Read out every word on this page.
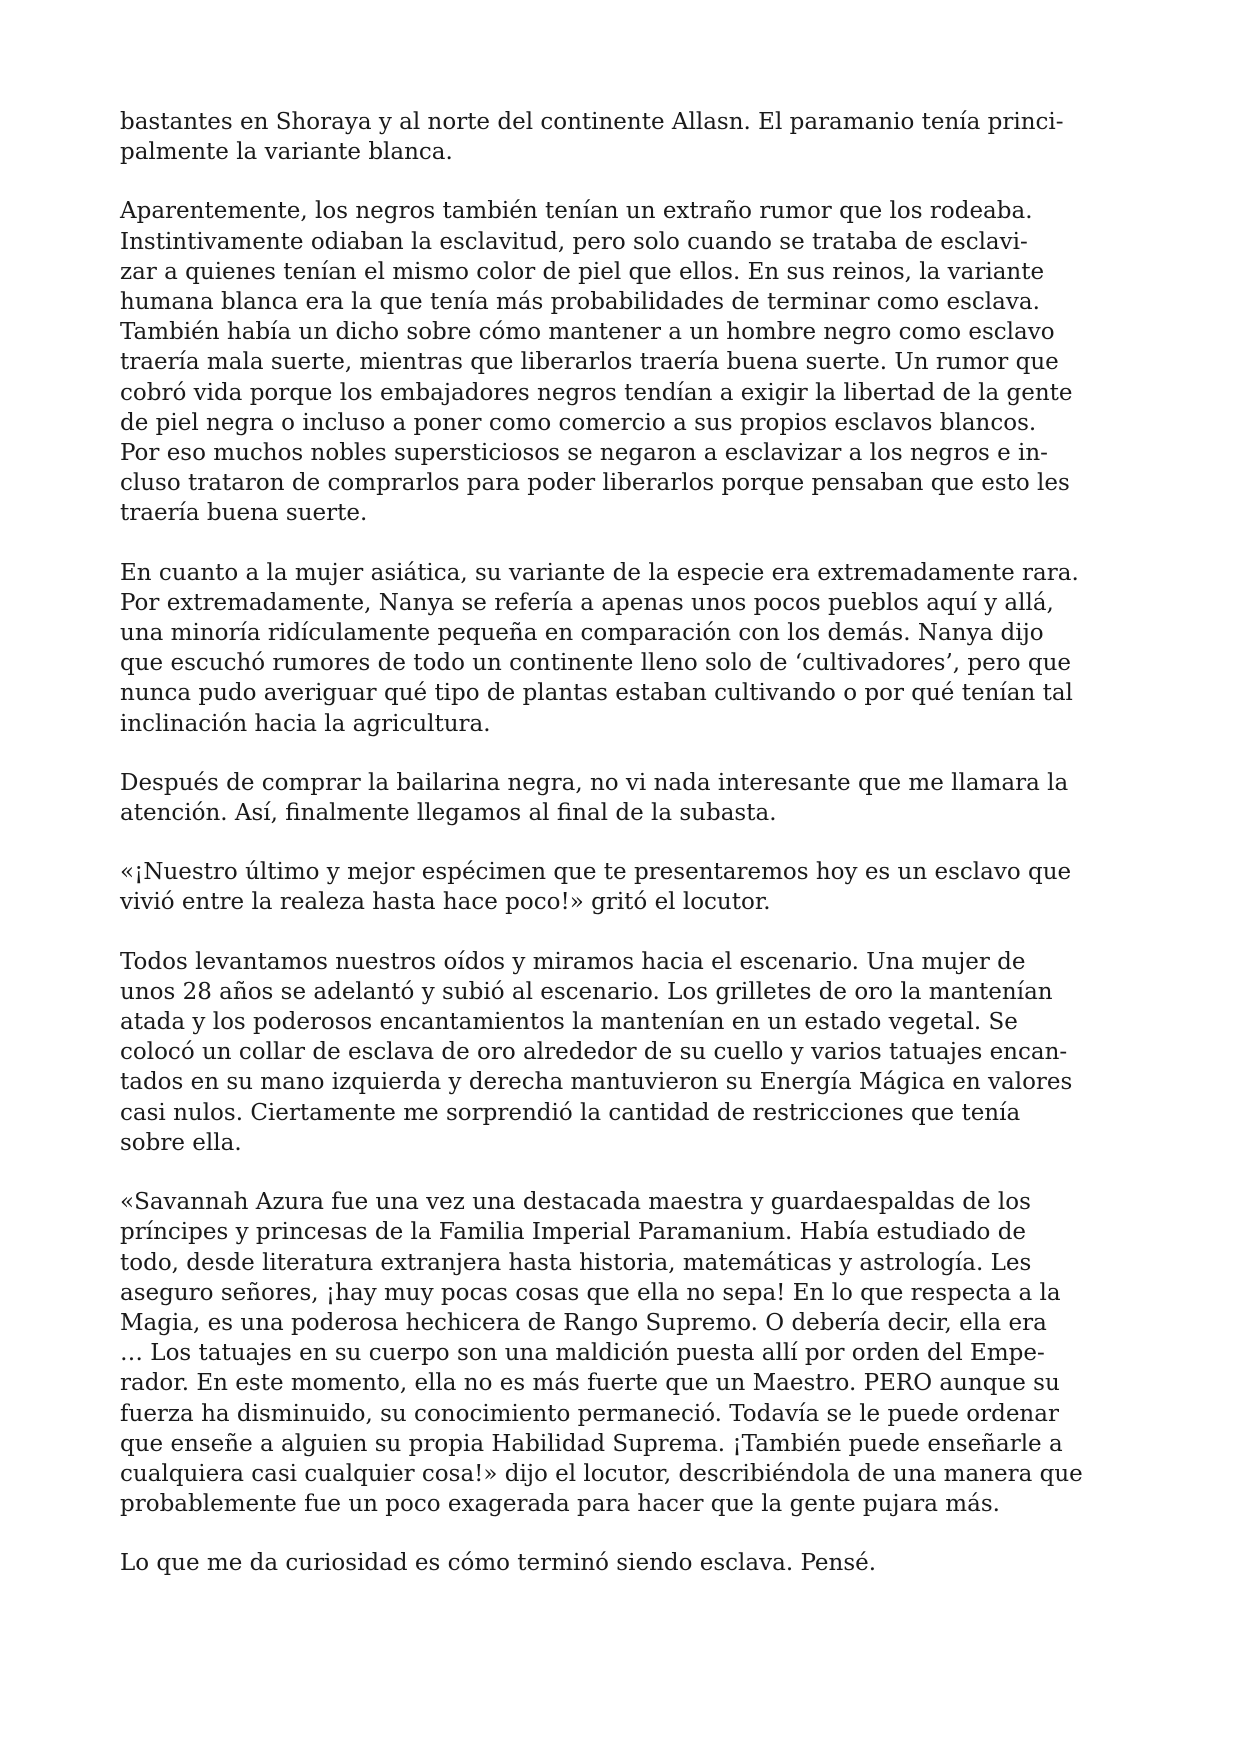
bastantes en Shoraya y al norte del continente Allasn. El paramanio tenía princi-
palmente la variante blanca.

Aparentemente, los negros también tenían un extraño rumor que los rodeaba.
Instintivamente odiaban la esclavitud, pero solo cuando se trataba de esclavi-
zar a quienes tenían el mismo color de piel que ellos. En sus reinos, la variante
humana blanca era la que tenía más probabilidades de terminar como esclava.
También había un dicho sobre cómo mantener a un hombre negro como esclavo
traería mala suerte, mientras que liberarlos traería buena suerte. Un rumor que
cobró vida porque los embajadores negros tendían a exigir la libertad de la gente
de piel negra o incluso a poner como comercio a sus propios esclavos blancos.
Por eso muchos nobles supersticiosos se negaron a esclavizar a los negros e in-
cluso trataron de comprarlos para poder liberarlos porque pensaban que esto les
traería buena suerte.

En cuanto a la mujer asiática, su variante de la especie era extremadamente rara.
Por extremadamente, Nanya se refería a apenas unos pocos pueblos aquí y allá,
una minoría ridículamente pequeña en comparación con los demás. Nanya dijo
que escuchó rumores de todo un continente lleno solo de ‘cultivadores’, pero que
nunca pudo averiguar qué tipo de plantas estaban cultivando o por qué tenían tal
inclinación hacia la agricultura.

Después de comprar la bailarina negra, no vi nada interesante que me llamara la
atención. Así, finalmente llegamos al final de la subasta.

«¡Nuestro último y mejor espécimen que te presentaremos hoy es un esclavo que
vivió entre la realeza hasta hace poco!» gritó el locutor.

Todos levantamos nuestros oídos y miramos hacia el escenario. Una mujer de
unos 28 años se adelantó y subió al escenario. Los grilletes de oro la mantenían
atada y los poderosos encantamientos la mantenían en un estado vegetal. Se
colocó un collar de esclava de oro alrededor de su cuello y varios tatuajes encan-
tados en su mano izquierda y derecha mantuvieron su Energía Mágica en valores
casi nulos. Ciertamente me sorprendió la cantidad de restricciones que tenía
sobre ella.

«Savannah Azura fue una vez una destacada maestra y guardaespaldas de los
príncipes y princesas de la Familia Imperial Paramanium. Había estudiado de
todo, desde literatura extranjera hasta historia, matemáticas y astrología. Les
aseguro señores, ¡hay muy pocas cosas que ella no sepa! En lo que respecta a la
Magia, es una poderosa hechicera de Rango Supremo. O debería decir, ella era
… Los tatuajes en su cuerpo son una maldición puesta allí por orden del Empe-
rador. En este momento, ella no es más fuerte que un Maestro. PERO aunque su
fuerza ha disminuido, su conocimiento permaneció. Todavía se le puede ordenar
que enseñe a alguien su propia Habilidad Suprema. ¡También puede enseñarle a
cualquiera casi cualquier cosa!» dijo el locutor, describiéndola de una manera que
probablemente fue un poco exagerada para hacer que la gente pujara más.

Lo que me da curiosidad es cómo terminó siendo esclava. Pensé.
